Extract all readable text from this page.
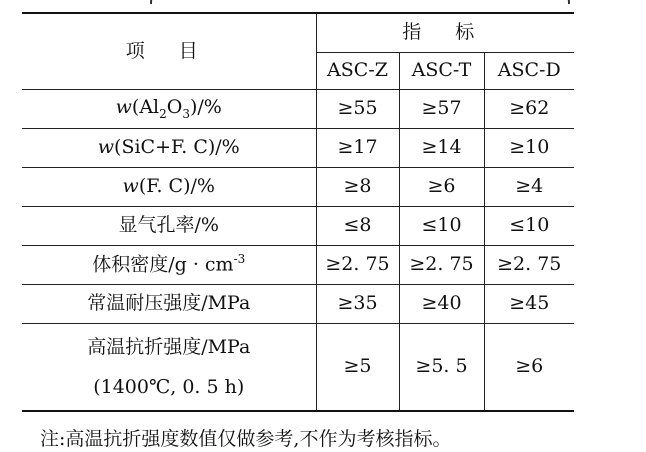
项 目	指 标		
	ASC-Z	ASC-T	ASC-D
$w(Al_2O_3)/\%$	≥55	≥57	≥62
w(SiC+F. C)/%	≥17	≥14	≥10
w(F. C)/%	≥8	≥6	≥4
显气孔率/%	≤8	≤10	≤10
体积密度$/g \cdot cm^{-3}$	≥2. 75	≥2. 75	≥2. 75
常温耐压强度/MPa	≥35	≥40	≥45

高温抗折强度/MPa
(1400℃, 0. 5 h)	≥5	≥5. 5	≥6
注:高温抗折强度数值仅做参考,不作为考核指标。
